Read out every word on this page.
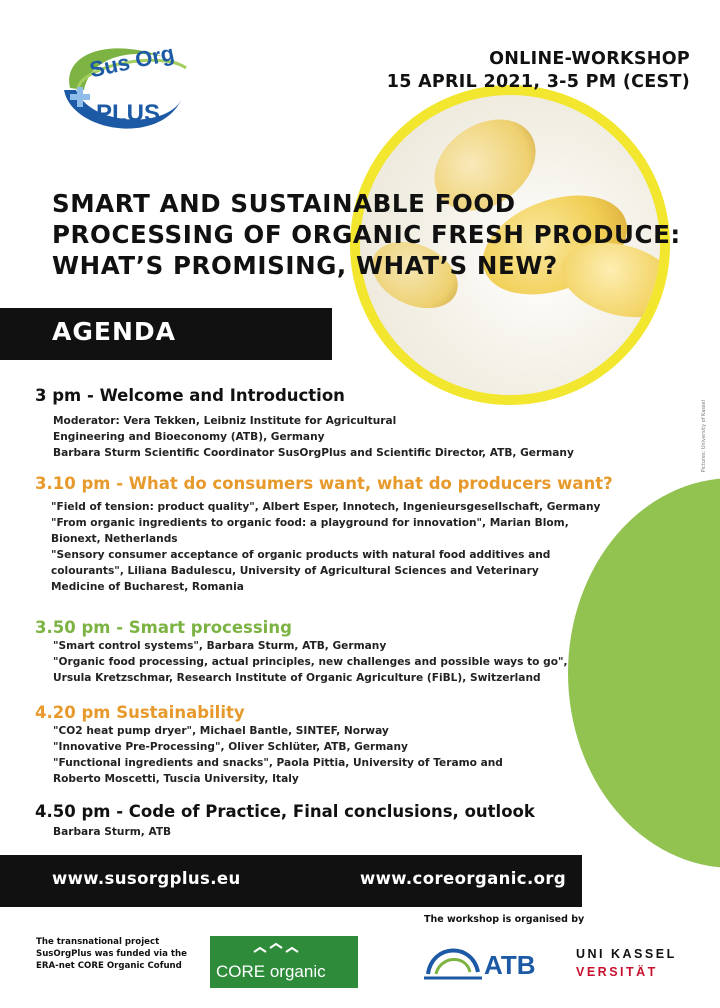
Sus Org
PLUS
ONLINE-WORKSHOP
15 APRIL 2021, 3-5 PM (CEST)
SMART AND SUSTAINABLE FOOD
PROCESSING OF ORGANIC FRESH PRODUCE:
WHAT’S PROMISING, WHAT’S NEW?
AGENDA
Pictures: University of Kassel
3 pm - Welcome and Introduction
Moderator: Vera Tekken, Leibniz Institute for Agricultural
Engineering and Bioeconomy (ATB), Germany
Barbara Sturm Scientific Coordinator SusOrgPlus and Scientific Director, ATB, Germany
3.10 pm - What do consumers want, what do producers want?
"Field of tension: product quality", Albert Esper, Innotech, Ingenieursgesellschaft, Germany
"From organic ingredients to organic food: a playground for innovation", Marian Blom,
Bionext, Netherlands
"Sensory consumer acceptance of organic products with natural food additives and
colourants", Liliana Badulescu, University of Agricultural Sciences and Veterinary
Medicine of Bucharest, Romania
3.50 pm - Smart processing
"Smart control systems", Barbara Sturm, ATB, Germany
"Organic food processing, actual principles, new challenges and possible ways to go",
Ursula Kretzschmar, Research Institute of Organic Agriculture (FiBL), Switzerland
4.20 pm Sustainability
"CO2 heat pump dryer", Michael Bantle, SINTEF, Norway
"Innovative Pre-Processing", Oliver Schlüter, ATB, Germany
"Functional ingredients and snacks", Paola Pittia, University of Teramo and
Roberto Moscetti, Tuscia University, Italy
4.50 pm - Code of Practice, Final conclusions, outlook
Barbara Sturm, ATB
www.susorgplus.eu	www.coreorganic.org
The workshop is organised by
The transnational project
SusOrgPlus was funded via the
ERA-net CORE Organic Cofund	CORE organic	ATB	UNI KASSEL
VERSITÄT
